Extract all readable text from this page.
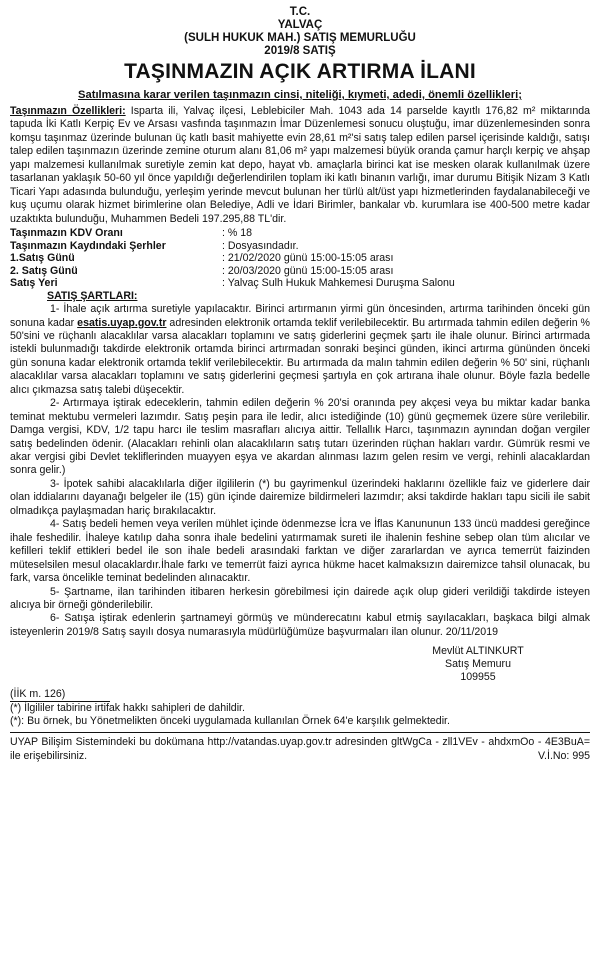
T.C.
YALVAÇ
(SULH HUKUK MAH.) SATIŞ MEMURLUĞU
2019/8 SATIŞ
TAŞINMAZIN AÇIK ARTIRMA İLANI
Satılmasına karar verilen taşınmazın cinsi, niteliği, kıymeti, adedi, önemli özellikleri;

Taşınmazın Özellikleri: Isparta ili, Yalvaç ilçesi, Leblebiciler Mah. 1043 ada 14 parselde kayıtlı 176,82 m² miktarında tapuda İki Katlı Kerpiç Ev ve Arsası vasfında taşınmazın İmar Düzenlemesi sonucu oluştuğu, imar düzenlemesinden sonra komşu taşınmaz üzerinde bulunan üç katlı basit mahiyette evin 28,61 m²'si satış talep edilen parsel içerisinde kaldığı, satışı talep edilen taşınmazın üzerinde zemine oturum alanı 81,06 m² yapı malzemesi büyük oranda çamur harçlı kerpiç ve ahşap yapı malzemesi kullanılmak suretiyle zemin kat depo, hayat vb. amaçlarla birinci kat ise mesken olarak kullanılmak üzere tasarlanan yaklaşık 50-60 yıl önce yapıldığı değerlendirilen toplam iki katlı binanın varlığı, imar durumu Bitişik Nizam 3 Katlı Ticari Yapı adasında bulunduğu, yerleşim yerinde mevcut bulunan her türlü alt/üst yapı hizmetlerinden faydalanabileceği ve kuş uçumu olarak hizmet birimlerine olan Belediye, Adli ve İdari Birimler, bankalar vb. kurumlara ise 400-500 metre kadar uzaktıkta bulunduğu, Muhammen Bedeli 197.295,88 TL'dir.

Taşınmazın KDV Oranı	: % 18
Taşınmazın Kaydındaki Şerhler	: Dosyasındadır.
1.Satış Günü	: 21/02/2020 günü 15:00-15:05 arası
2. Satış Günü	: 20/03/2020 günü 15:00-15:05 arası
Satış Yeri	: Yalvaç Sulh Hukuk Mahkemesi Duruşma Salonu
SATIŞ ŞARTLARI:

1- İhale açık artırma suretiyle yapılacaktır. Birinci artırmanın yirmi gün öncesinden, artırma tarihinden önceki gün sonuna kadar esatis.uyap.gov.tr adresinden elektronik ortamda teklif verilebilecektir. Bu artırmada tahmin edilen değerin % 50'sini ve rüçhanlı alacaklılar varsa alacakları toplamını ve satış giderlerini geçmek şartı ile ihale olunur. Birinci artırmada istekli bulunmadığı takdirde elektronik ortamda birinci artırmadan sonraki beşinci günden, ikinci artırma gününden önceki gün sonuna kadar elektronik ortamda teklif verilebilecektir. Bu artırmada da malın tahmin edilen değerin % 50' sini, rüçhanlı alacaklılar varsa alacakları toplamını ve satış giderlerini geçmesi şartıyla en çok artırana ihale olunur. Böyle fazla bedelle alıcı çıkmazsa satış talebi düşecektir.

2- Artırmaya iştirak edeceklerin, tahmin edilen değerin % 20'si oranında pey akçesi veya bu miktar kadar banka teminat mektubu vermeleri lazımdır. Satış peşin para ile ledir, alıcı istediğinde (10) günü geçmemek üzere süre verilebilir. Damga vergisi, KDV, 1/2 tapu harcı ile teslim masrafları alıcıya aittir. Tellallık Harcı, taşınmazın aynından doğan vergiler satış bedelinden ödenir. (Alacakları rehinli olan alacaklıların satış tutarı üzerinden rüçhan hakları vardır. Gümrük resmi ve akar vergisi gibi Devlet tekliflerinden muayyen eşya ve akardan alınması lazım gelen resim ve vergi, rehinli alacaklardan sonra gelir.)

3- İpotek sahibi alacaklılarla diğer ilgililerin (*) bu gayrimenkul üzerindeki haklarını özellikle faiz ve giderlere dair olan iddialarını dayanağı belgeler ile (15) gün içinde dairemize bildirmeleri lazımdır; aksi takdirde hakları tapu sicili ile sabit olmadıkça paylaşmadan hariç bırakılacaktır.

4- Satış bedeli hemen veya verilen mühlet içinde ödenmezse İcra ve İflas Kanununun 133 üncü maddesi gereğince ihale feshedilir. İhaleye katılıp daha sonra ihale bedelini yatırmamak sureti ile ihalenin feshine sebep olan tüm alıcılar ve kefilleri teklif ettikleri bedel ile son ihale bedeli arasındaki farktan ve diğer zararlardan ve ayrıca temerrüt faizinden müteselsilen mesul olacaklardır.İhale farkı ve temerrüt faizi ayrıca hükme hacet kalmaksızın dairemizce tahsil olunacak, bu fark, varsa öncelikle teminat bedelinden alınacaktır.

5- Şartname, ilan tarihinden itibaren herkesin görebilmesi için dairede açık olup gideri verildiği takdirde isteyen alıcıya bir örneği gönderilebilir.

6- Satışa iştirak edenlerin şartnameyi görmüş ve münderecatını kabul etmiş sayılacakları, başkaca bilgi almak isteyenlerin 2019/8 Satış sayılı dosya numarasıyla müdürlüğümüze başvurmaları ilan olunur. 20/11/2019

Mevlüt ALTINKURT
Satış Memuru
109955
(İİK m. 126)
(*) İlgililer tabirine irtifak hakkı sahipleri de dahildir.
(*): Bu örnek, bu Yönetmelikten önceki uygulamada kullanılan Örnek 64'e karşılık gelmektedir.
UYAP Bilişim Sistemindeki bu dokümana http://vatandas.uyap.gov.tr adresinden gltWgCa - zll1VEv - ahdxmOo - 4E3BuA= ile erişebilirsiniz.	V.İ.No: 995
